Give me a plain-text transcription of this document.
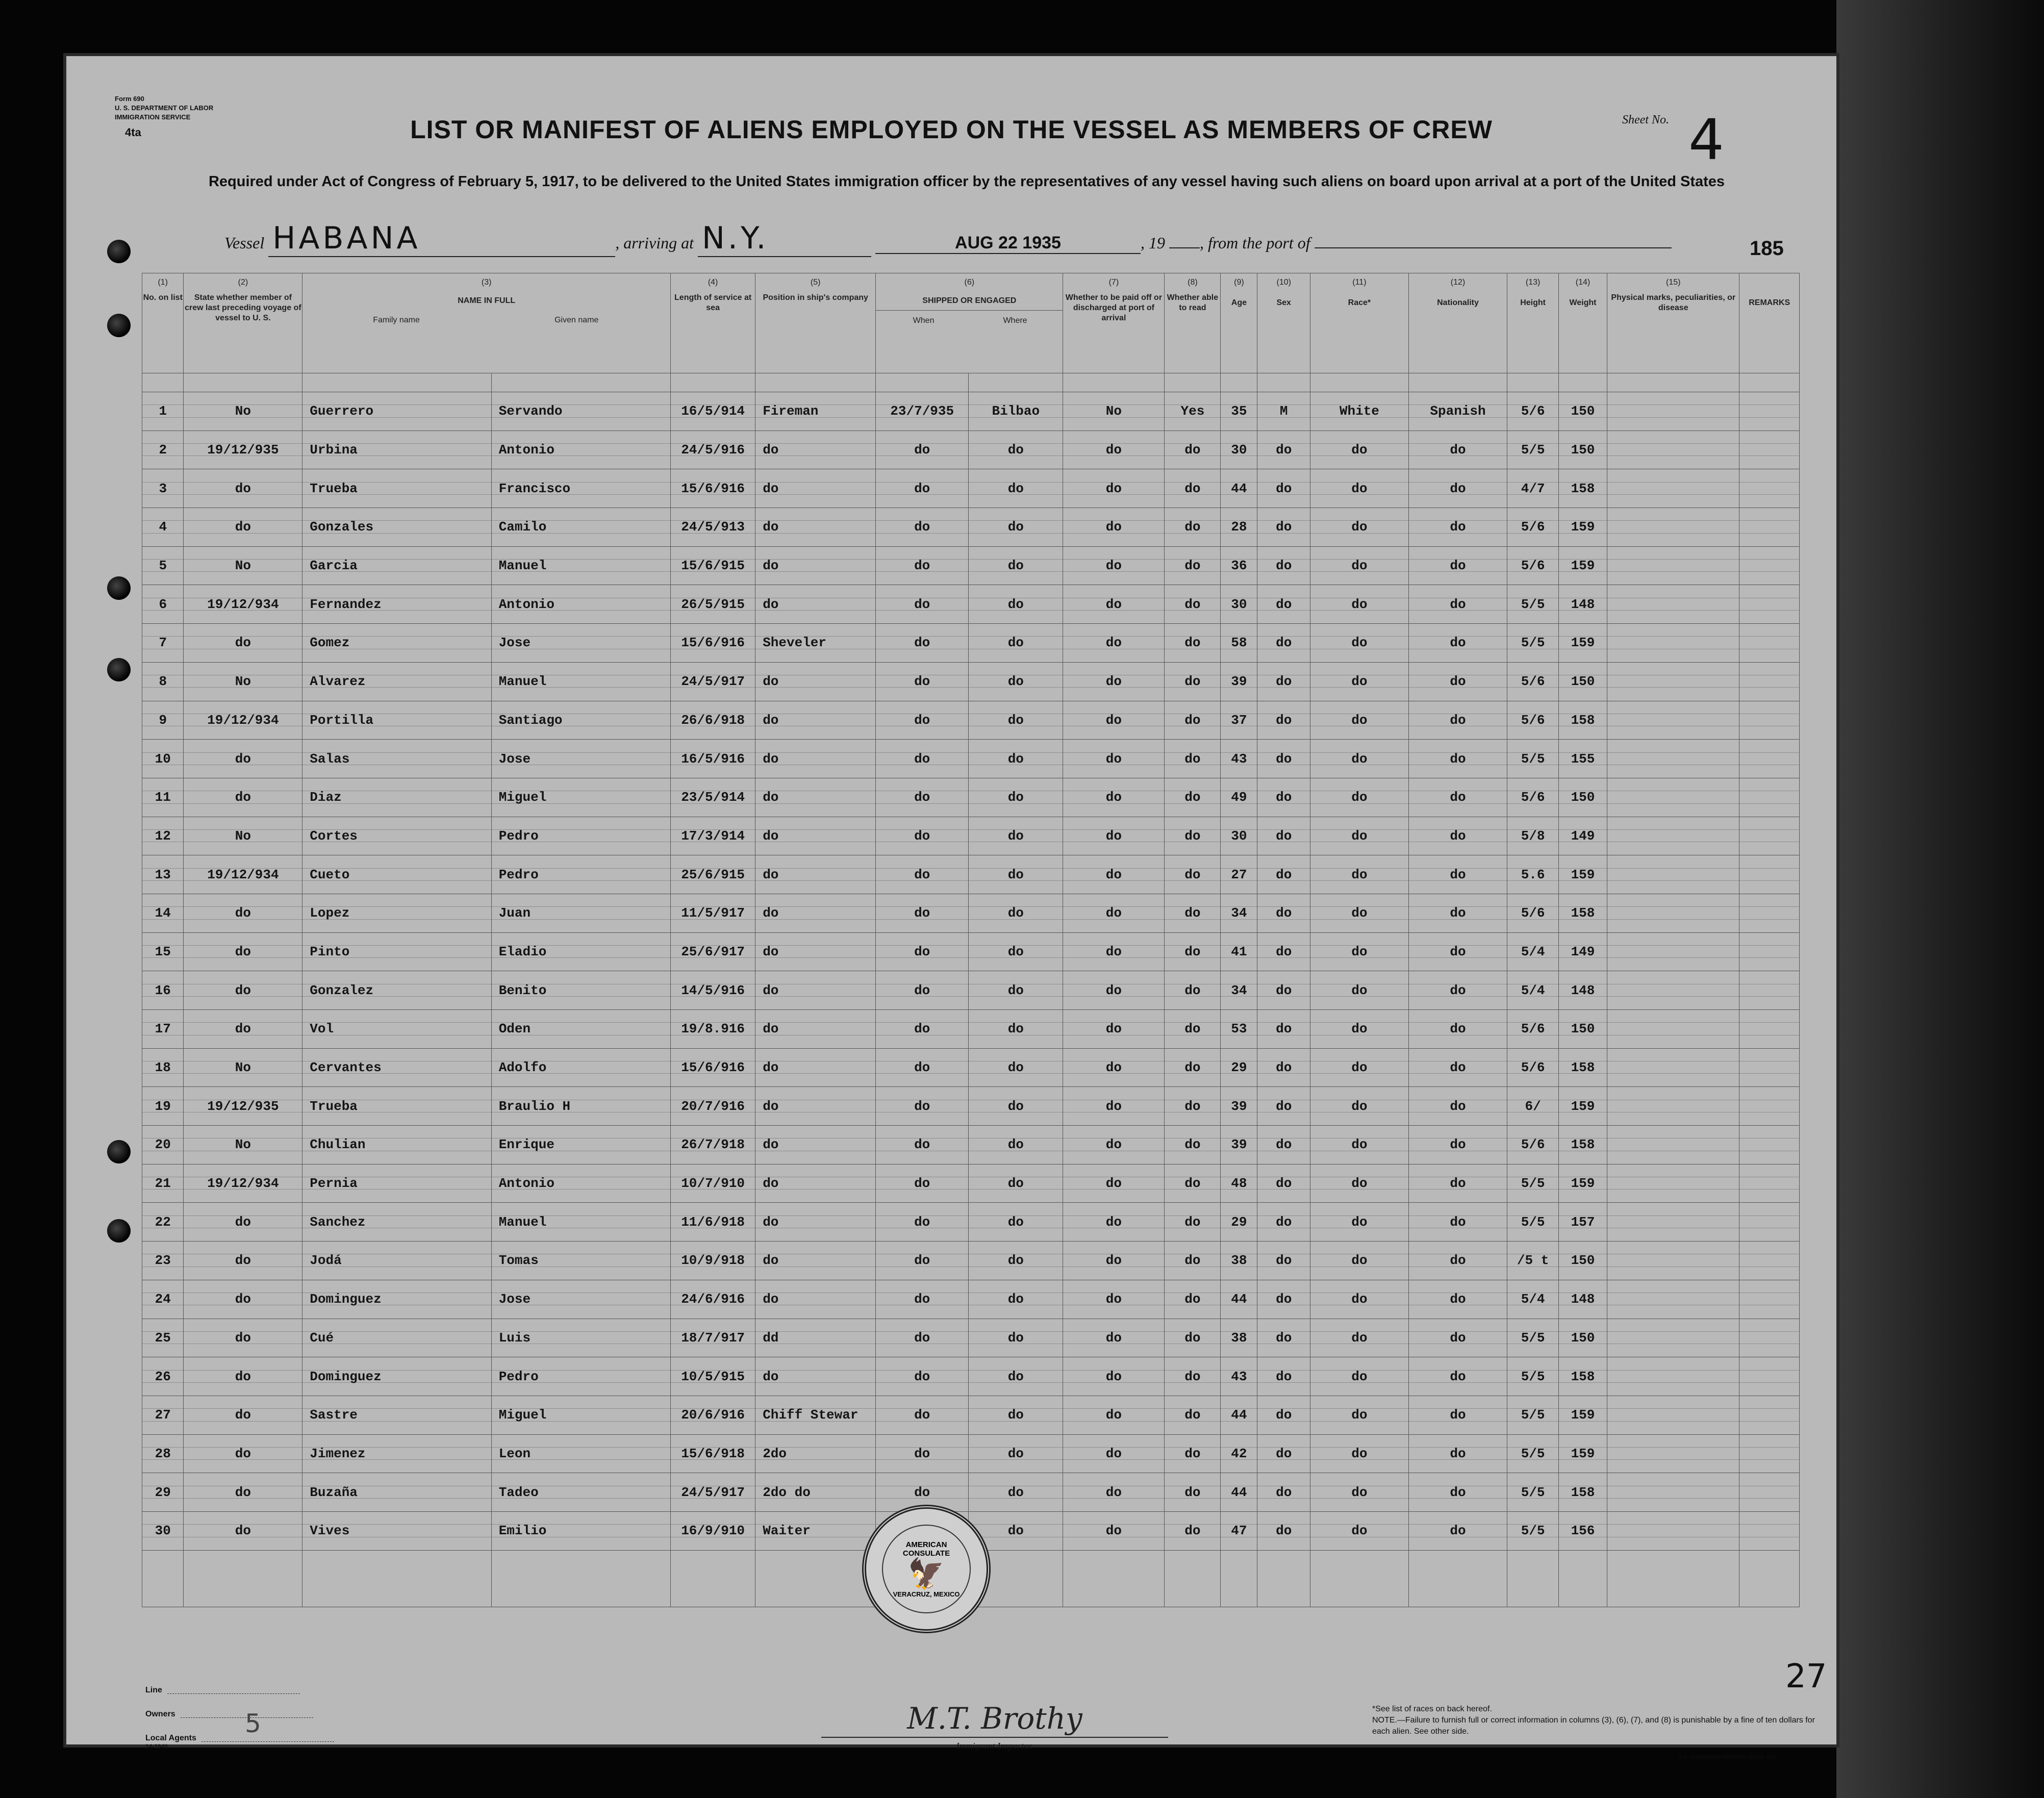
Form 690
U. S. DEPARTMENT OF LABOR
IMMIGRATION SERVICE
4ta
Sheet No. 4
LIST OR MANIFEST OF ALIENS EMPLOYED ON THE VESSEL AS MEMBERS OF CREW
Required under Act of Congress of February 5, 1917, to be delivered to the United States immigration officer by the representatives of any vessel having such aliens on board upon arrival at a port of the United States
Vessel HABANA	, arriving at N.Y.	AUG 22 1935	, 19 , from the port of	185
(1)
No. on list	(2)
State whether member of crew last preceding voyage of vessel to U. S.	(3)
NAME IN FULL
Family name Given name		(4)
Length of service at sea	(5)
Position in ship's company	(6)
SHIPPED OR ENGAGED
When Where		(7)
Whether to be paid off or discharged at port of arrival	(8)
Whether able to read	(9)
Age	(10)
Sex	(11)
Race*	(12)
Nationality	(13)
Height	(14)
Weight	(15)
Physical marks, peculiarities, or disease	REMARKS

1	No	Guerrero	Servando	16/5/914	Fireman	23/7/935	Bilbao	No	Yes	35	M	White	Spanish	5/6	150		
2	19/12/935	Urbina	Antonio	24/5/916	do	do	do	do	do	30	do	do	do	5/5	150		
3	do	Trueba	Francisco	15/6/916	do	do	do	do	do	44	do	do	do	4/7	158		
4	do	Gonzales	Camilo	24/5/913	do	do	do	do	do	28	do	do	do	5/6	159		
5	No	Garcia	Manuel	15/6/915	do	do	do	do	do	36	do	do	do	5/6	159		
6	19/12/934	Fernandez	Antonio	26/5/915	do	do	do	do	do	30	do	do	do	5/5	148		
7	do	Gomez	Jose	15/6/916	Sheveler	do	do	do	do	58	do	do	do	5/5	159		
8	No	Alvarez	Manuel	24/5/917	do	do	do	do	do	39	do	do	do	5/6	150		
9	19/12/934	Portilla	Santiago	26/6/918	do	do	do	do	do	37	do	do	do	5/6	158		
10	do	Salas	Jose	16/5/916	do	do	do	do	do	43	do	do	do	5/5	155		
11	do	Diaz	Miguel	23/5/914	do	do	do	do	do	49	do	do	do	5/6	150		
12	No	Cortes	Pedro	17/3/914	do	do	do	do	do	30	do	do	do	5/8	149		
13	19/12/934	Cueto	Pedro	25/6/915	do	do	do	do	do	27	do	do	do	5.6	159		
14	do	Lopez	Juan	11/5/917	do	do	do	do	do	34	do	do	do	5/6	158		
15	do	Pinto	Eladio	25/6/917	do	do	do	do	do	41	do	do	do	5/4	149		
16	do	Gonzalez	Benito	14/5/916	do	do	do	do	do	34	do	do	do	5/4	148		
17	do	Vol	Oden	19/8.916	do	do	do	do	do	53	do	do	do	5/6	150		
18	No	Cervantes	Adolfo	15/6/916	do	do	do	do	do	29	do	do	do	5/6	158		
19	19/12/935	Trueba	Braulio H	20/7/916	do	do	do	do	do	39	do	do	do	6/	159		
20	No	Chulian	Enrique	26/7/918	do	do	do	do	do	39	do	do	do	5/6	158		
21	19/12/934	Pernia	Antonio	10/7/910	do	do	do	do	do	48	do	do	do	5/5	159		
22	do	Sanchez	Manuel	11/6/918	do	do	do	do	do	29	do	do	do	5/5	157		
23	do	Jodá	Tomas	10/9/918	do	do	do	do	do	38	do	do	do	/5 t	150		
24	do	Dominguez	Jose	24/6/916	do	do	do	do	do	44	do	do	do	5/4	148		
25	do	Cué	Luis	18/7/917	dd	do	do	do	do	38	do	do	do	5/5	150		
26	do	Dominguez	Pedro	10/5/915	do	do	do	do	do	43	do	do	do	5/5	158		
27	do	Sastre	Miguel	20/6/916	Chiff Stewar	do	do	do	do	44	do	do	do	5/5	159		
28	do	Jimenez	Leon	15/6/918	2do	do	do	do	do	42	do	do	do	5/5	159		
29	do	Buzaña	Tadeo	24/5/917	2do do	do	do	do	do	44	do	do	do	5/5	158		
30	do	Vives	Emilio	16/9/910	Waiter		do	do	do	47	do	do	do	5/5	156		

AMERICAN CONSULATE
🦅
VERACRUZ, MEXICO
Line
Owners
Local Agents
14-1940
5	M.T. Brothy
Immigrant Inspector.
27
*See list of races on back hereof.
NOTE.—Failure to furnish full or correct information in columns (3), (6), (7), and (8) is punishable by a fine of ten dollars for each alien. See other side.
U. S. GOVERNMENT PRINTING OFFICE: 1935
